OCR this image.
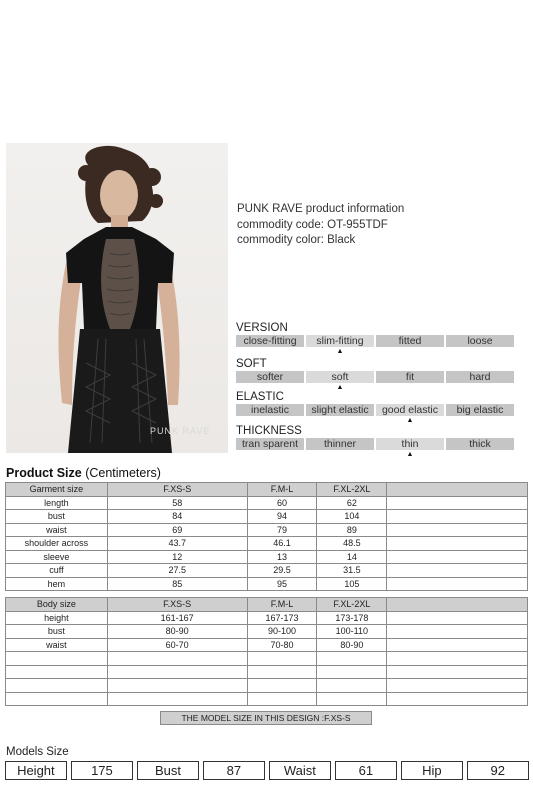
PUNK RAVE
PUNK RAVE product information
commodity code: OT-955TDF
commodity color: Black
VERSION
close-fitting	slim-fitting	fitted	loose
▲
SOFT
softer	soft	fit	hard
▲
ELASTIC
inelastic	slight elastic	good elastic	big elastic
▲
THICKNESS
tran sparent	thinner	thin	thick
▲
Product Size (Centimeters)
Garment size	F.XS-S	F.M-L	F.XL-2XL	
length	58	60	62	
bust	84	94	104	
waist	69	79	89	
shoulder across	43.7	46.1	48.5	
sleeve	12	13	14	
cuff	27.5	29.5	31.5	
hem	85	95	105	
Body size	F.XS-S	F.M-L	F.XL-2XL	
height	161-167	167-173	173-178	
bust	80-90	90-100	100-110	
waist	60-70	70-80	80-90	

THE MODEL SIZE IN THIS DESIGN :F.XS-S
Models Size
Height	175	Bust	87	Waist	61	Hip	92
